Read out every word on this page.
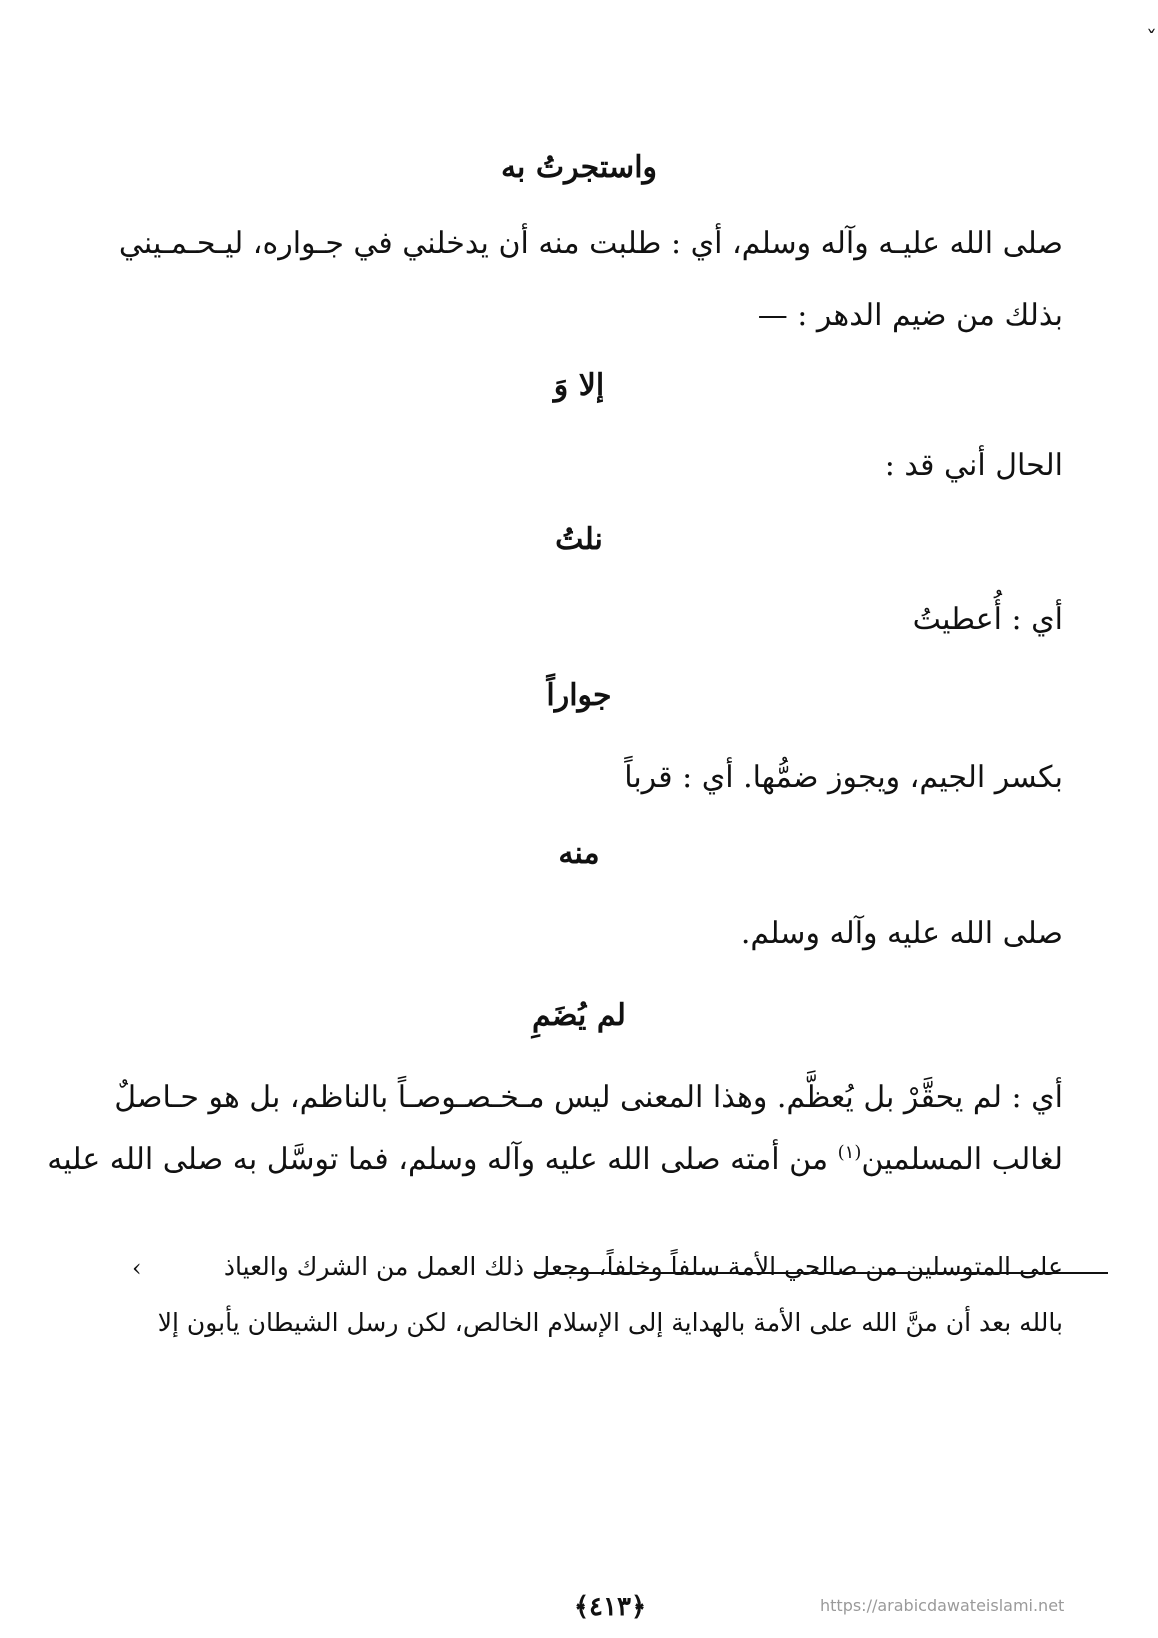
ˇ
واستجرتُ به
صلى الله عليـه وآله وسلم، أي : طلبت منه أن يدخلني في جـواره، ليـحـمـيني
بذلك من ضيم الدهر : —
إلا وَ
الحال أني قد :
نلتُ
أي : أُعطيتُ
جواراً
بكسر الجيم، ويجوز ضمُّها. أي : قرباً
منه
صلى الله عليه وآله وسلم.
لم يُضَمِ
أي : لم يحقَّرْ بل يُعظَّم. وهذا المعنى ليس مـخـصـوصـاً بالناظم، بل هو حـاصلٌ
لغالب المسلمين$^{(١)}$ من أمته صلى الله عليه وآله وسلم، فما توسَّل به صلى الله عليه
على المتوسلين من صالحي الأمة سلفاً وخلفاً، وجعل ذلك العمل من الشرك والعياذ
›
بالله بعد أن منَّ الله على الأمة بالهداية إلى الإسلام الخالص، لكن رسل الشيطان يأبون إلا
﴿٤١٣﴾	https://arabicdawateislami.net
